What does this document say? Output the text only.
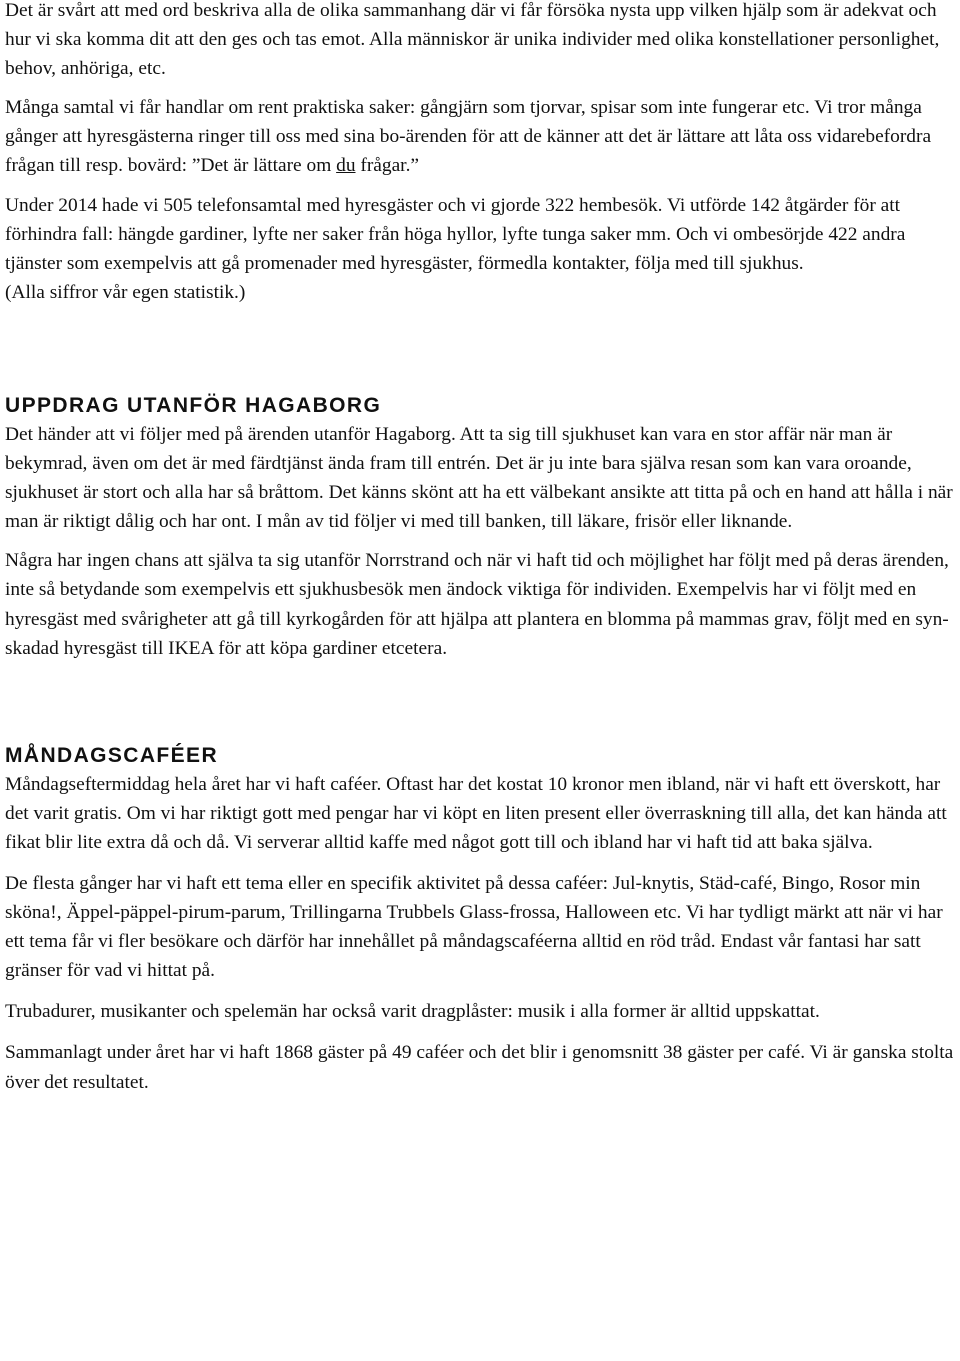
Det är svårt att med ord beskriva alla de olika sammanhang där vi får försöka nysta upp vilken hjälp som är adekvat och hur vi ska komma dit att den ges och tas emot. Alla människor är unika individer med olika konstellationer personlighet, behov, anhöriga, etc.

Många samtal vi får handlar om rent praktiska saker: gångjärn som tjorvar, spisar som inte fungerar etc. Vi tror många gånger att hyresgästerna ringer till oss med sina bo-ärenden för att de känner att det är lättare att låta oss vidarebefordra frågan till resp. bovärd: ”Det är lättare om du frågar.”

Under 2014 hade vi 505 telefonsamtal med hyresgäster och vi gjorde 322 hembesök. Vi utförde 142 åtgärder för att förhindra fall: hängde gardiner, lyfte ner saker från höga hyllor, lyfte tunga saker mm. Och vi ombesörjde 422 andra tjänster som exempelvis att gå promenader med hyresgäster, förmedla kontakter, följa med till sjukhus.
(Alla siffror vår egen statistik.)

UPPDRAG UTANFÖR HAGABORG

Det händer att vi följer med på ärenden utanför Hagaborg. Att ta sig till sjukhuset kan vara en stor affär när man är bekymrad, även om det är med färdtjänst ända fram till entrén. Det är ju inte bara själva resan som kan vara oroande, sjukhuset är stort och alla har så bråttom. Det känns skönt att ha ett välbekant ansikte att titta på och en hand att hålla i när man är riktigt dålig och har ont. I mån av tid följer vi med till banken, till läkare, frisör eller liknande.

Några har ingen chans att själva ta sig utanför Norrstrand och när vi haft tid och möjlighet har följt med på deras ärenden, inte så betydande som exempelvis ett sjukhusbesök men ändock viktiga för individen. Exempelvis har vi följt med en hyresgäst med svårigheter att gå till kyrkogården för att hjälpa att plantera en blomma på mammas grav, följt med en syn-skadad hyresgäst till IKEA för att köpa gardiner etcetera.

MÅNDAGSCAFÉER

Måndagseftermiddag hela året har vi haft caféer. Oftast har det kostat 10 kronor men ibland, när vi haft ett överskott, har det varit gratis. Om vi har riktigt gott med pengar har vi köpt en liten present eller överraskning till alla, det kan hända att fikat blir lite extra då och då. Vi serverar alltid kaffe med något gott till och ibland har vi haft tid att baka själva.

De flesta gånger har vi haft ett tema eller en specifik aktivitet på dessa caféer: Jul-knytis, Städ-café, Bingo, Rosor min sköna!, Äppel-päppel-pirum-parum, Trillingarna Trubbels Glass-frossa, Halloween etc. Vi har tydligt märkt att när vi har ett tema får vi fler besökare och därför har innehållet på måndagscaféerna alltid en röd tråd. Endast vår fantasi har satt gränser för vad vi hittat på.

Trubadurer, musikanter och spelemän har också varit dragplåster: musik i alla former är alltid uppskattat.

Sammanlagt under året har vi haft 1868 gäster på 49 caféer och det blir i genomsnitt 38 gäster per café. Vi är ganska stolta över det resultatet.
